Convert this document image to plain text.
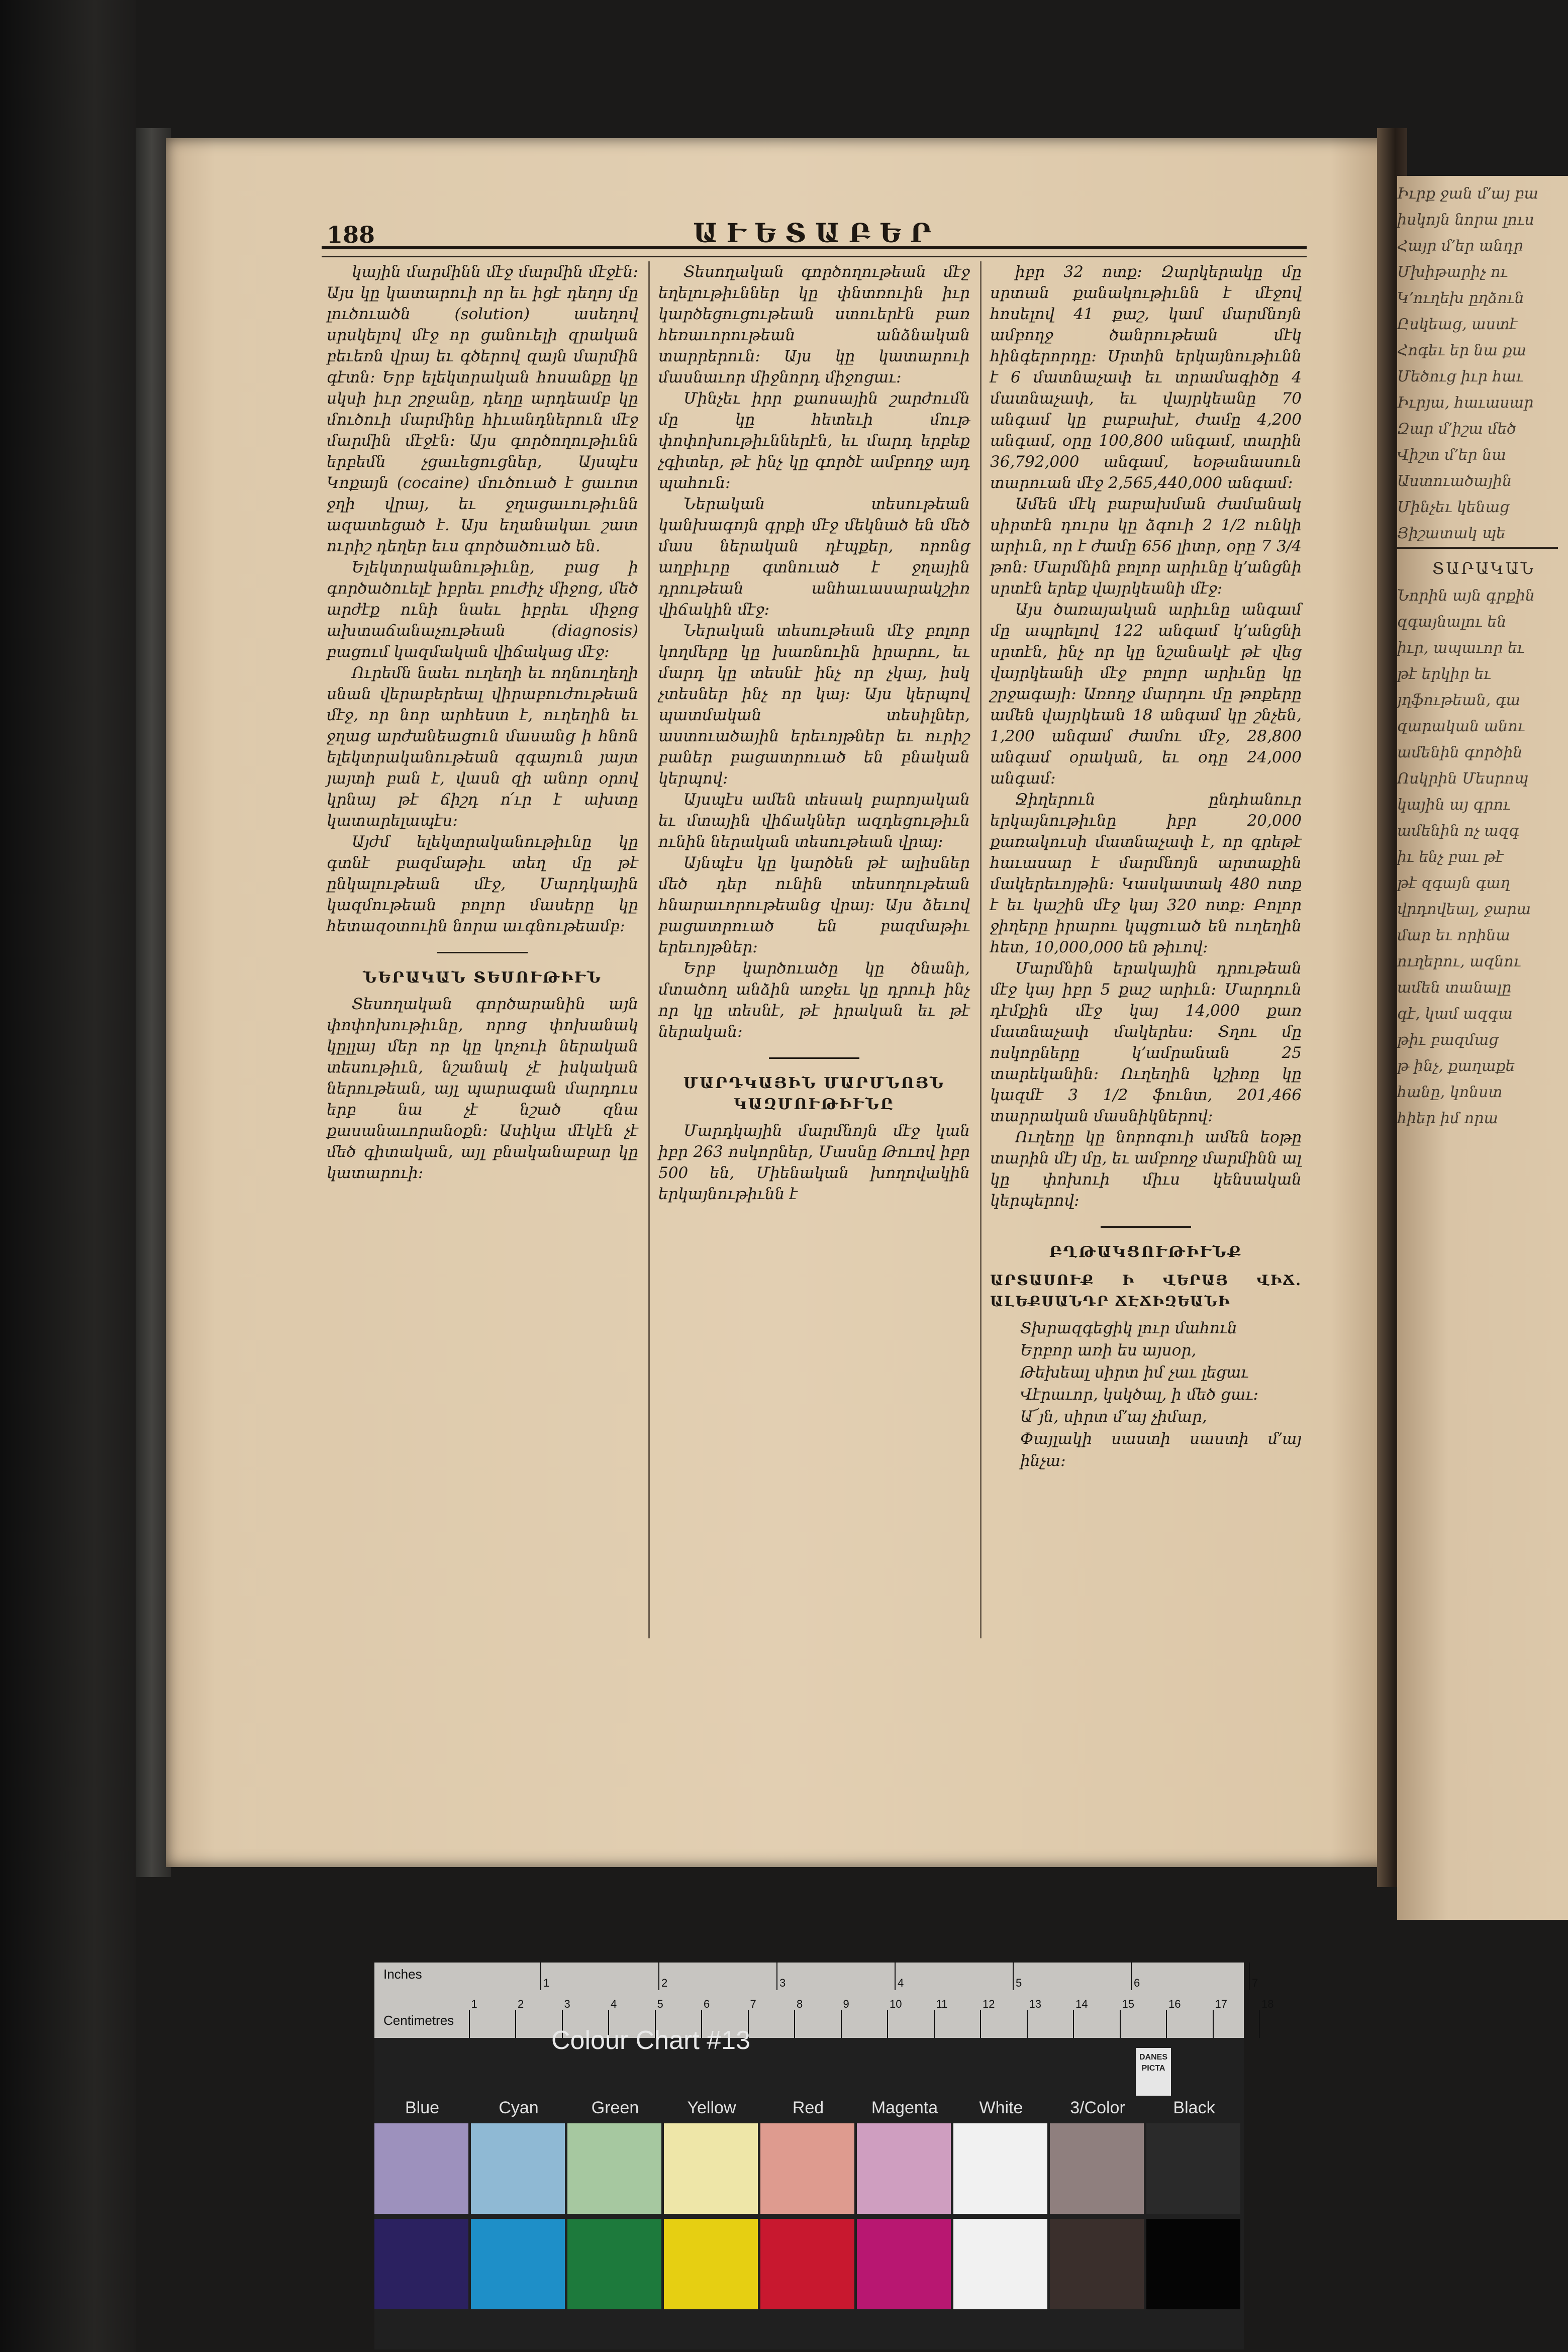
Իւրք ջան մ՚այ բա
իսկոյն նորա լուս
Հայր մ՚եր անդր
Մխիթարիչ ու
Կ՚ուղեխ ըղձուն
Ըսկեաց, աստէ
Հոգեւ եր նա քա
Մեծուց իւր հաւ
Իւրյա, հաւասար
Զար մ՚իշա մեծ
Վիշտ մ՚եր նա
Աստուածային
Մինչեւ կենաց
Յիշատակ պե
ՏԱՐԱԿԱՆ
Նորին այն գրքին
զգայնալու են
իւր, ապաւոր եւ
թէ երկիր եւ
յղֆութեան, գա
զարական անու
ամենին գործին
Ոսկրին Մեսրոպ
կային այ գրու
ամենին ոչ ազգ
իւ ենչ բաւ թէ
թէ զգայն գաղ
վրդովեալ, ջարա
մար եւ որինա
ուղերու, ազնու
ամեն տանալը
գէ, կամ ազգա
թիւ բազմաց
թ ինչ, քաղաքե
հանը, կոնստ
հիեր իմ որա
188	ԱՒԵՏԱԲԵՐ

կային մարմինն մէջ մարմին մէջէն։ Այս կը կատարուի որ եւ իցէ դեղոյ մը լուծուածն (solution) ասեղով սրսկելով մէջ որ ցանուելի զրական բեւեռն վրայ եւ գծերով զայն մարմին գէտն։ Երբ ելեկտրական հոսանքը կը սկսի իւր շրջանը, դեղը արդեամբ կը մուծուի մարմինը հիւանդներուն մէջ մարմին մէջէն։ Այս գործողութիւնն երբեմն չցաւեցուցներ, Այսպէս Կոքայն (cocaine) մուծուած է ցաւոտ ջղի վրայ, եւ ջղացաւութիւնն ազատեցած է. Այս եղանակաւ շատ ուրիշ դեղեր եւս գործածուած են.

Ելեկտրականութիւնը, բաց ի գործածուելէ իբրեւ բուժիչ միջոց, մեծ արժէք ունի նաեւ իբրեւ միջոց ախտաճանաչութեան (diagnosis) բացում կազմական վիճակաց մէջ։

Ուրեմն նաեւ ուղեղի եւ ողնուղեղի սնան վերաբերեալ վիրաբուժութեան մէջ, որ նոր արհեստ է, ուղեղին եւ ջղաց արժանեացուն մասանց ի հնոն ելեկտրականութեան զգայուն յայտ յայտի բան է, վասն զի անոր օրով կրնայ թէ ճիշդ ո՛ւր է ախտը կատարելապէս։

Այժմ ելեկտրականութիւնը կը գտնէ բազմաթիւ տեղ մը թէ ընկալութեան մէջ, Մարդկային կազմութեան բոլոր մասերը կը հետազօտուին նորա աւգնութեամբ։

ՆԵՐԱԿԱՆ ՏԵՍՈՒԹԻՒՆ

Տեսողական գործարանին այն փոփոխութիւնը, որոց փոխանակ կըլլայ մեր որ կը կոչուի ներական տեսութիւն, նշանակ չէ իսկական ներութեան, այլ պարագան մարդուս երբ նա չէ նշած զնա քասանաւորանօքն։ Ասիկա մէկէն չէ մեծ գիտական, այլ բնականաբար կը կատարուի։

Տեսողական գործողութեան մէջ եղելութիւններ կը փնտռուին իւր կարծեցուցութեան ստուերէն բառ հեռաւորութեան անձնական տարրերուն։ Այս կը կատարուի մասնաւոր միջնորդ միջոցաւ։

Մինչեւ իրր քաոսային շարժումն մը կը հետեւի մութ փոփոխութիւններէն, եւ մարդ երբեք չգիտեր, թէ ինչ կը գործէ ամբողջ այդ պահուն։

Ներական տեսութեան կանխագոյն գրքի մէջ մեկնած են մեծ մաս ներական դէպքեր, որոնց աղբիւրը գտնուած է ջղային դրութեան անհաւասարակշիռ վիճակին մէջ։

Ներական տեսութեան մէջ բոլոր կողմերը կը խառնուին իրարու, եւ մարդ կը տեսնէ ինչ որ չկայ, իսկ չտեսներ ինչ որ կայ։ Այս կերպով պատմական տեսիլներ, աստուածային երեւոյթներ եւ ուրիշ բաներ բացատրուած են բնական կերպով։

Այսպէս ամեն տեսակ բարոյական եւ մտային վիճակներ ազդեցութիւն ունին ներական տեսութեան վրայ։

Այնպէս կը կարծեն թէ ալիսներ մեծ դեր ունին տեսողութեան հնարաւորութեանց վրայ։ Այս ձեւով բացատրուած են բազմաթիւ երեւոյթներ։

Երբ կարծուածը կը ծնանի, մտածող անձին առջեւ կը դրուի ինչ որ կը տեսնէ, թէ իրական եւ թէ ներական։

ՄԱՐԴԿԱՅԻՆ ՄԱՐՄՆՈՅՆ ԿԱԶՄՈՒԹԻՒՆԸ

Մարդկային մարմնոյն մէջ կան իբր 263 ոսկորներ, Մասնը Թուով իբր 500 են, Միենական խողովակին երկայնութիւնն է

իբր 32 ոտք։ Զարկերակը մը սրտան քանակութիւնն է մէջով հոսելով 41 քաշ, կամ մարմնոյն ամբողջ ծանրութեան մէկ հինգերորդը։ Սրտին երկայնութիւնն է 6 մատնաչափ եւ տրամագիծը 4 մատնաչափ, եւ վայրկեանը 70 անգամ կը բաբախէ, ժամը 4,200 անգամ, օրը 100,800 անգամ, տարին 36,792,000 անգամ, եօթանասուն տարուան մէջ 2,565,440,000 անգամ։

Ամեն մէկ բաբախման ժամանակ սիրտէն դուրս կը ձգուի 2 1/2 ունկի արիւն, որ է ժամը 656 լիտր, օրը 7 3/4 թոն։ Մարմնին բոլոր արիւնը կ՚անցնի սրտէն երեք վայրկեանի մէջ։

Այս ծառայական արիւնը անգամ մը ապրելով 122 անգամ կ՚անցնի սրտէն, ինչ որ կը նշանակէ թէ վեց վայրկեանի մէջ բոլոր արիւնը կը շրջագայի։ Առողջ մարդու մը թոքերը ամեն վայրկեան 18 անգամ կը շնչեն, 1,200 անգամ ժամու մէջ, 28,800 անգամ օրական, եւ օդը 24,000 անգամ։

Ջիղերուն ընդհանուր երկայնութիւնը իբր 20,000 քառակուսի մատնաչափ է, որ գրեթէ հաւասար է մարմնոյն արտաքին մակերեւոյթին։ Կասկատակ 480 ոտք է եւ կաշին մէջ կայ 320 ոտք։ Բոլոր ջիղերը իրարու կպցուած են ուղեղին հետ, 10,000,000 են թիւով։

Մարմնին երակային դրութեան մէջ կայ իբր 5 քաշ արիւն։ Մարդուն դէմքին մէջ կայ 14,000 քառ մատնաչափ մակերես։ Տղու մը ոսկորները կ՚ամրանան 25 տարեկանին։ Ուղեղին կշիռը կը կազմէ 3 1/2 ֆունտ, 201,466 տարրական մասնիկներով։

Ուղեղը կը նորոգուի ամեն եօթը տարին մէյ մը, եւ ամբողջ մարմինն ալ կը փոխուի միւս կենսական կերպերով։

ԲՂԹԱԿՑՈՒԹԻՒՆՔ
ԱՐՏԱՍՈՒՔ Ի ՎԵՐԱՅ ՎԻՃ. ԱԼԵՔՍԱՆԴՐ ՃԷՃԻԶԵԱՆԻ
Տխրազգեցիկ լուր մահուն
Երբոր առի ես այսօր,
Թեխեալ սիրտ իմ չաւ լեցաւ
Վէրաւոր, կսկծալ, ի մեծ ցաւ։
Ա՜յն, սիրտ մ՚այ չիմար,
Փայլակի սաստի սաստի մ՚այ ինչա։
Inches
Centimetres
1	2	3	4	5	6	7
1	2	3	4	5	6	7	8	9	10	11	12	13	14	15	16	17	18
Colour Chart #13
DANES PICTA
Blue	Cyan	Green	Yellow	Red	Magenta	White	3/Color	Black
